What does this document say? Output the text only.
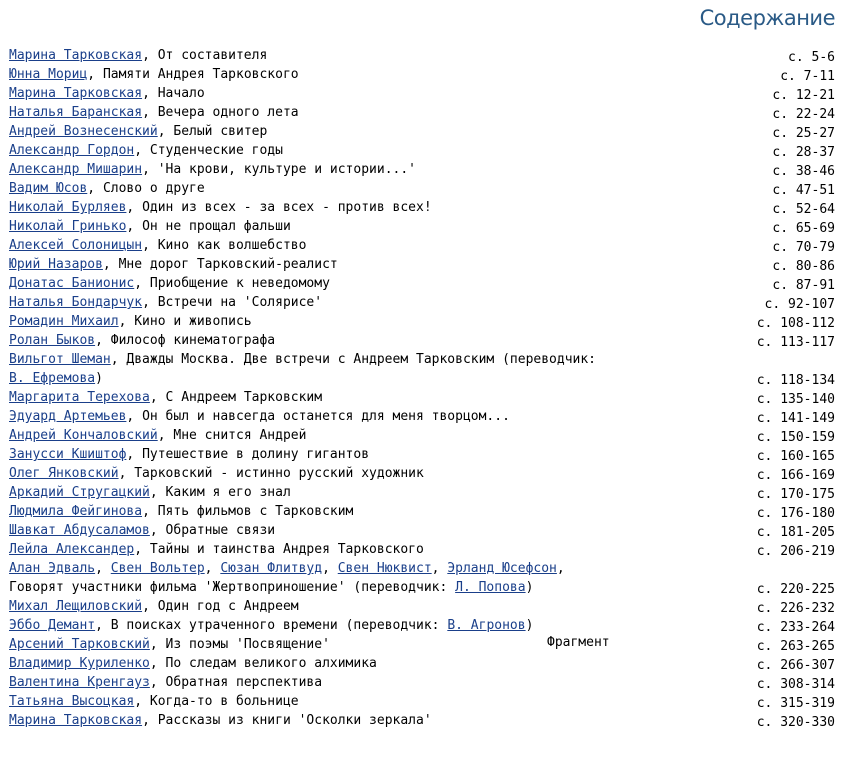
Содержание
Марина Тарковская, От составителя	с. 5-6
Юнна Мориц, Памяти Андрея Тарковского	с. 7-11
Марина Тарковская, Начало	с. 12-21
Наталья Баранская, Вечера одного лета	с. 22-24
Андрей Вознесенский, Белый свитер	с. 25-27
Александр Гордон, Студенческие годы	с. 28-37
Александр Мишарин, 'На крови, культуре и истории...'	с. 38-46
Вадим Юсов, Слово о друге	с. 47-51
Николай Бурляев, Один из всех - за всех - против всех!	с. 52-64
Николай Гринько, Он не прощал фальши	с. 65-69
Алексей Солоницын, Кино как волшебство	с. 70-79
Юрий Назаров, Мне дорог Тарковский-реалист	с. 80-86
Донатас Банионис, Приобщение к неведомому	с. 87-91
Наталья Бондарчук, Встречи на 'Солярисе'	с. 92-107
Ромадин Михаил, Кино и живопись	с. 108-112
Ролан Быков, Философ кинематографа	с. 113-117
Вильгот Шеман, Дважды Москва. Две встречи с Андреем Тарковским (переводчик: В. Ефремова)	с. 118-134
Маргарита Терехова, С Андреем Тарковским	с. 135-140
Эдуард Артемьев, Он был и навсегда останется для меня творцом...	с. 141-149
Андрей Кончаловский, Мне снится Андрей	с. 150-159
Занусси Кшиштоф, Путешествие в долину гигантов	с. 160-165
Олег Янковский, Тарковский - истинно русский художник	с. 166-169
Аркадий Стругацкий, Каким я его знал	с. 170-175
Людмила Фейгинова, Пять фильмов с Тарковским	с. 176-180
Шавкат Абдусаламов, Обратные связи	с. 181-205
Лейла Александер, Тайны и таинства Андрея Тарковского	с. 206-219
Алан Эдваль, Свен Вольтер, Сюзан Флитвуд, Свен Нюквист, Эрланд Юсефсон, Говорят участники фильма 'Жертвоприношение' (переводчик: Л. Попова)	с. 220-225
Михал Лещиловский, Один год с Андреем	с. 226-232
Эббо Демант, В поисках утраченного времени (переводчик: В. Агронов)	с. 233-264
Арсений Тарковский, Из поэмы 'Посвящение'	Фрагмент	с. 263-265
Владимир Куриленко, По следам великого алхимика	с. 266-307
Валентина Кренгауз, Обратная перспектива	с. 308-314
Татьяна Высоцкая, Когда-то в больнице	с. 315-319
Марина Тарковская, Рассказы из книги 'Осколки зеркала'	с. 320-330
